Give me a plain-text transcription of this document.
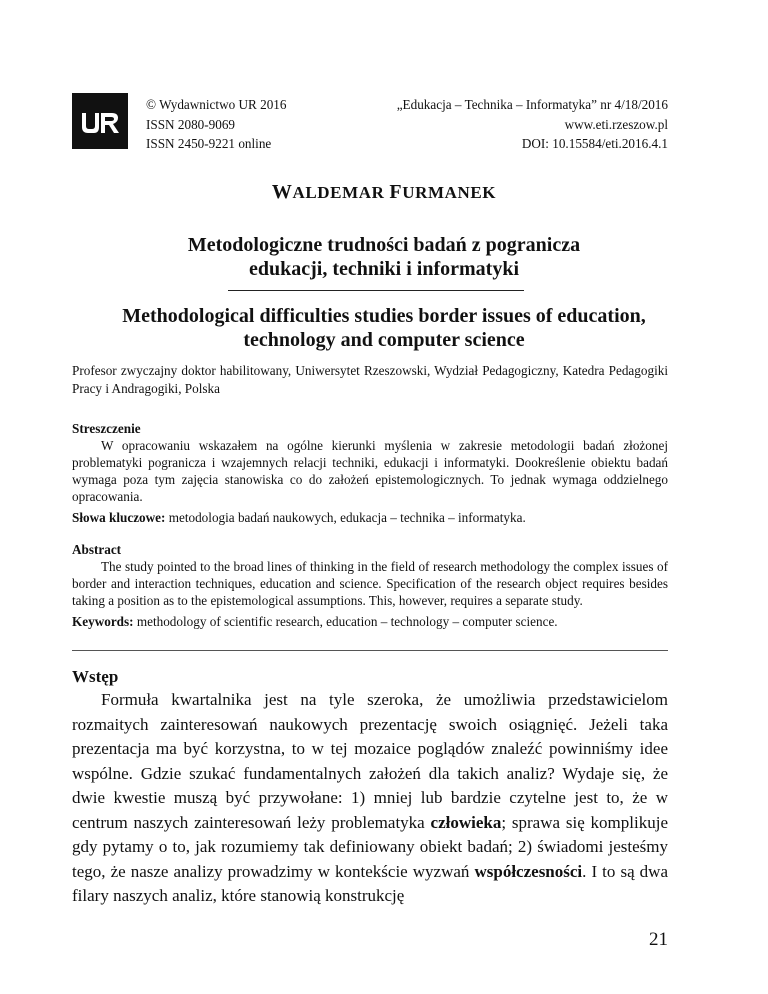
© Wydawnictwo UR 2016
ISSN 2080-9069
ISSN 2450-9221 online
„Edukacja – Technika – Informatyka” nr 4/18/2016
www.eti.rzeszow.pl
DOI: 10.15584/eti.2016.4.1
WALDEMAR FURMANEK
Metodologiczne trudności badań z pogranicza
edukacji, techniki i informatyki
Methodological difficulties studies border issues of education,
technology and computer science
Profesor zwyczajny doktor habilitowany, Uniwersytet Rzeszowski, Wydział Pedagogiczny, Katedra Pedagogiki Pracy i Andragogiki, Polska
Streszczenie

W opracowaniu wskazałem na ogólne kierunki myślenia w zakresie metodologii badań złożonej problematyki pogranicza i wzajemnych relacji techniki, edukacji i informatyki. Dookreślenie obiektu badań wymaga poza tym zajęcia stanowiska co do założeń epistemologicznych. To jednak wymaga oddzielnego opracowania.

Słowa kluczowe: metodologia badań naukowych, edukacja – technika – informatyka.
Abstract

The study pointed to the broad lines of thinking in the field of research methodology the complex issues of border and interaction techniques, education and science. Specification of the research object requires besides taking a position as to the epistemological assumptions. This, however, requires a separate study.

Keywords: methodology of scientific research, education – technology – computer science.
Wstęp

Formuła kwartalnika jest na tyle szeroka, że umożliwia przedstawicielom rozmaitych zainteresowań naukowych prezentację swoich osiągnięć. Jeżeli taka prezentacja ma być korzystna, to w tej mozaice poglądów znaleźć powinniśmy idee wspólne. Gdzie szukać fundamentalnych założeń dla takich analiz? Wydaje się, że dwie kwestie muszą być przywołane: 1) mniej lub bardzie czytelne jest to, że w centrum naszych zainteresowań leży problematyka człowieka; sprawa się komplikuje gdy pytamy o to, jak rozumiemy tak definiowany obiekt badań; 2) świadomi jesteśmy tego, że nasze analizy prowadzimy w kontekście wyzwań współczesności. I to są dwa filary naszych analiz, które stanowią konstrukcję

21
